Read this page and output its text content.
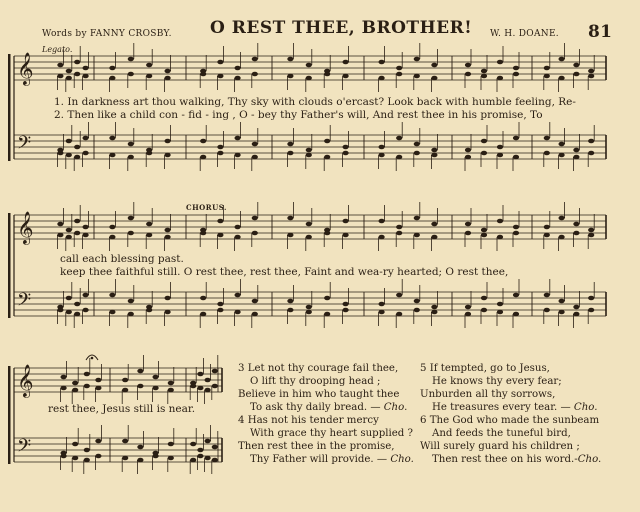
Words by FANNY CROSBY. O REST THEE, BROTHER! W. H. DOANE. 81
Legato.
CHORUS.
𝄞
𝄢
𝄞
𝄢
𝄞
𝄢
1. In darkness art thou walking, Thy sky with clouds o'ercast? Look back with humble feeling, Re-
2. Then like a child con - fid - ing , O - bey thy Father's will, And rest thee in his promise, To
call each blessing past.
keep thee faithful still. O rest thee, rest thee, Faint and wea-ry hearted; O rest thee,
rest thee, Jesus still is near.
3 Let not thy courage fail thee,
O lift thy drooping head ;
Believe in him who taught thee
To ask thy daily bread. — Cho.
4 Has not his tender mercy
With grace thy heart supplied ?
Then rest thee in the promise,
Thy Father will provide. — Cho.
5 If tempted, go to Jesus,
He knows thy every fear;
Unburden all thy sorrows,
He treasures every tear. — Cho.
6 The God who made the sunbeam
And feeds the tuneful bird,
Will surely guard his children ;
Then rest thee on his word.-Cho.
